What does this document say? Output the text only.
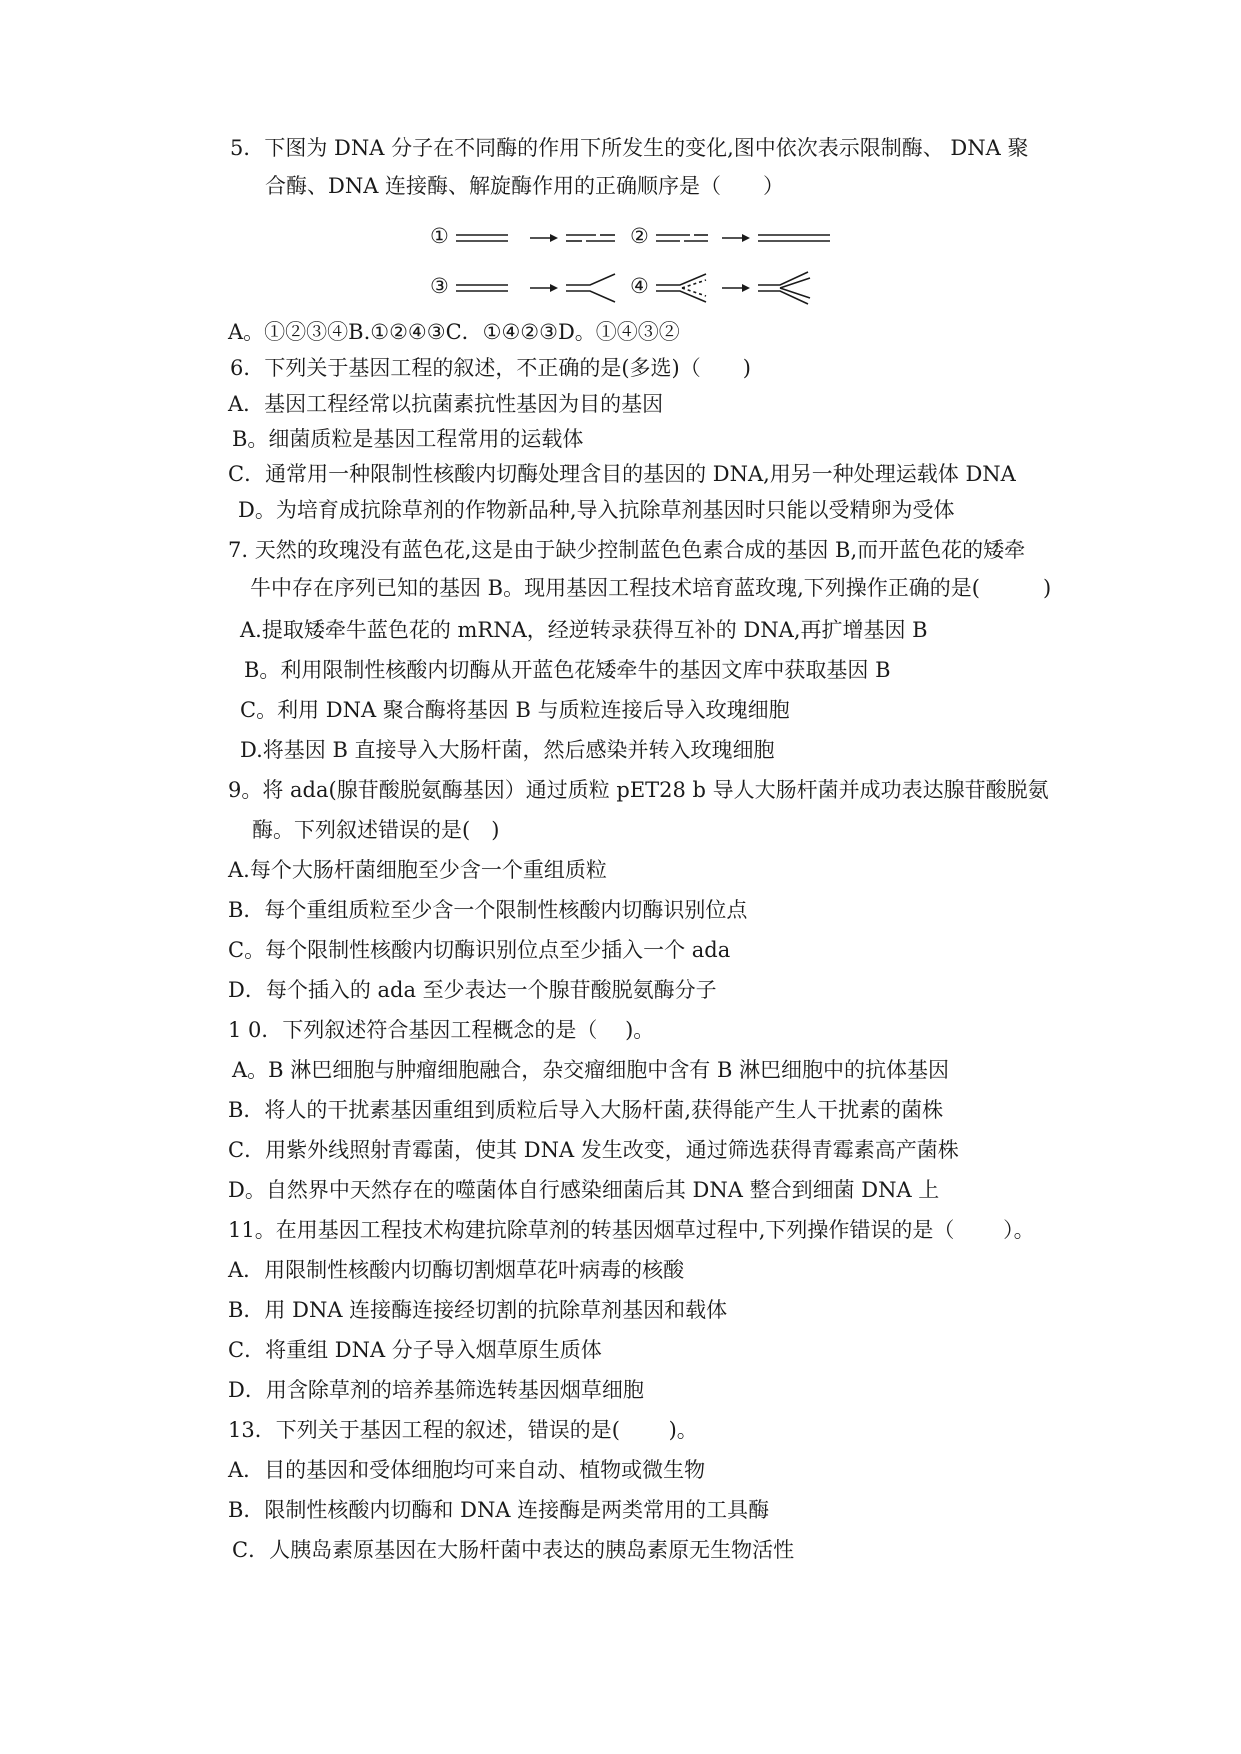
5．下图为 DNA 分子在不同酶的作用下所发生的变化,图中依次表示限制酶、 DNA 聚
合酶、DNA 连接酶、解旋酶作用的正确顺序是（　　）
①	②
③	④
A。①②③④B.①②④③C．①④②③D。①④③②
6．下列关于基因工程的叙述，不正确的是(多选)（　　)
A．基因工程经常以抗菌素抗性基因为目的基因
B。细菌质粒是基因工程常用的运载体
C．通常用一种限制性核酸内切酶处理含目的基因的 DNA,用另一种处理运载体 DNA
D。为培育成抗除草剂的作物新品种,导入抗除草剂基因时只能以受精卵为受体
7. 天然的玫瑰没有蓝色花,这是由于缺少控制蓝色色素合成的基因 B,而开蓝色花的矮牵
牛中存在序列已知的基因 B。现用基因工程技术培育蓝玫瑰,下列操作正确的是(　　　)
A.提取矮牵牛蓝色花的 mRNA，经逆转录获得互补的 DNA,再扩增基因 B
B。利用限制性核酸内切酶从开蓝色花矮牵牛的基因文库中获取基因 B
C。利用 DNA 聚合酶将基因 B 与质粒连接后导入玫瑰细胞
D.将基因 B 直接导入大肠杆菌，然后感染并转入玫瑰细胞
9。将 ada(腺苷酸脱氨酶基因）通过质粒 pET28 b 导人大肠杆菌并成功表达腺苷酸脱氨
酶。下列叙述错误的是(　)
A.每个大肠杆菌细胞至少含一个重组质粒
B．每个重组质粒至少含一个限制性核酸内切酶识别位点
C。每个限制性核酸内切酶识别位点至少插入一个 ada
D．每个插入的 ada 至少表达一个腺苷酸脱氨酶分子
1 0．下列叙述符合基因工程概念的是（　 )。
A。B 淋巴细胞与肿瘤细胞融合，杂交瘤细胞中含有 B 淋巴细胞中的抗体基因
B．将人的干扰素基因重组到质粒后导入大肠杆菌,获得能产生人干扰素的菌株
C．用紫外线照射青霉菌，使其 DNA 发生改变，通过筛选获得青霉素高产菌株
D。自然界中天然存在的噬菌体自行感染细菌后其 DNA 整合到细菌 DNA 上
11。在用基因工程技术构建抗除草剂的转基因烟草过程中,下列操作错误的是（　　 ）。
A．用限制性核酸内切酶切割烟草花叶病毒的核酸
B．用 DNA 连接酶连接经切割的抗除草剂基因和载体
C．将重组 DNA 分子导入烟草原生质体
D．用含除草剂的培养基筛选转基因烟草细胞
13．下列关于基因工程的叙述，错误的是(　　 )。
A．目的基因和受体细胞均可来自动、植物或微生物
B．限制性核酸内切酶和 DNA 连接酶是两类常用的工具酶
C．人胰岛素原基因在大肠杆菌中表达的胰岛素原无生物活性
